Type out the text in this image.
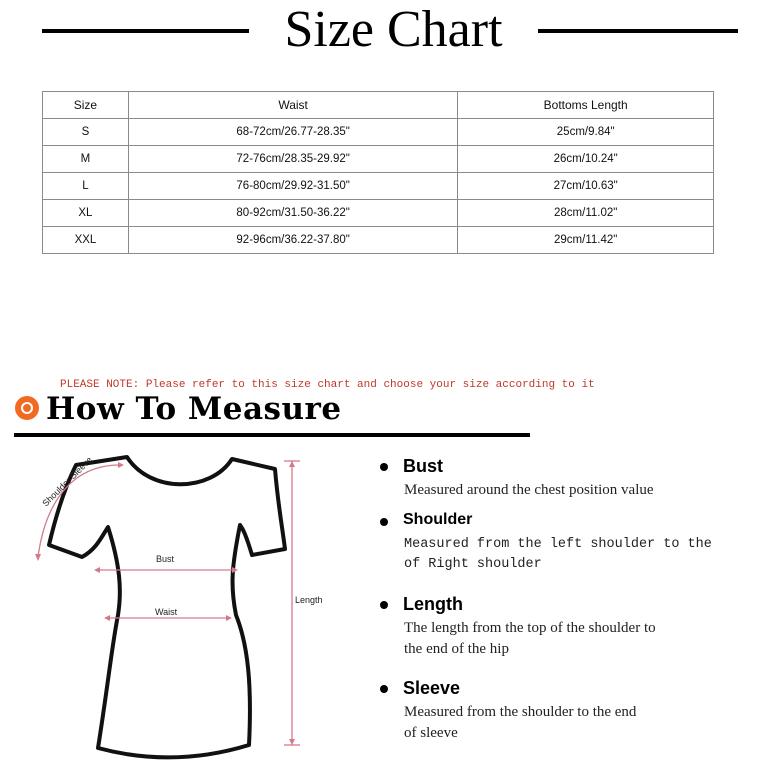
Size Chart
Size	Waist	Bottoms Length
S	68-72cm/26.77-28.35"	25cm/9.84"
M	72-76cm/28.35-29.92"	26cm/10.24"
L	76-80cm/29.92-31.50"	27cm/10.63"
XL	80-92cm/31.50-36.22"	28cm/11.02"
XXL	92-96cm/36.22-37.80"	29cm/11.42"
PLEASE NOTE: Please refer to this size chart and choose your size according to it
How To Measure
Shoulder Sleeve
Bust
Waist
Length
Bust
Measured around the chest position value
Shoulder
Measured from the left shoulder to the
of Right shoulder
Length
The length from the top of the shoulder to
the end of the hip
Sleeve
Measured from the shoulder to the end
of sleeve
